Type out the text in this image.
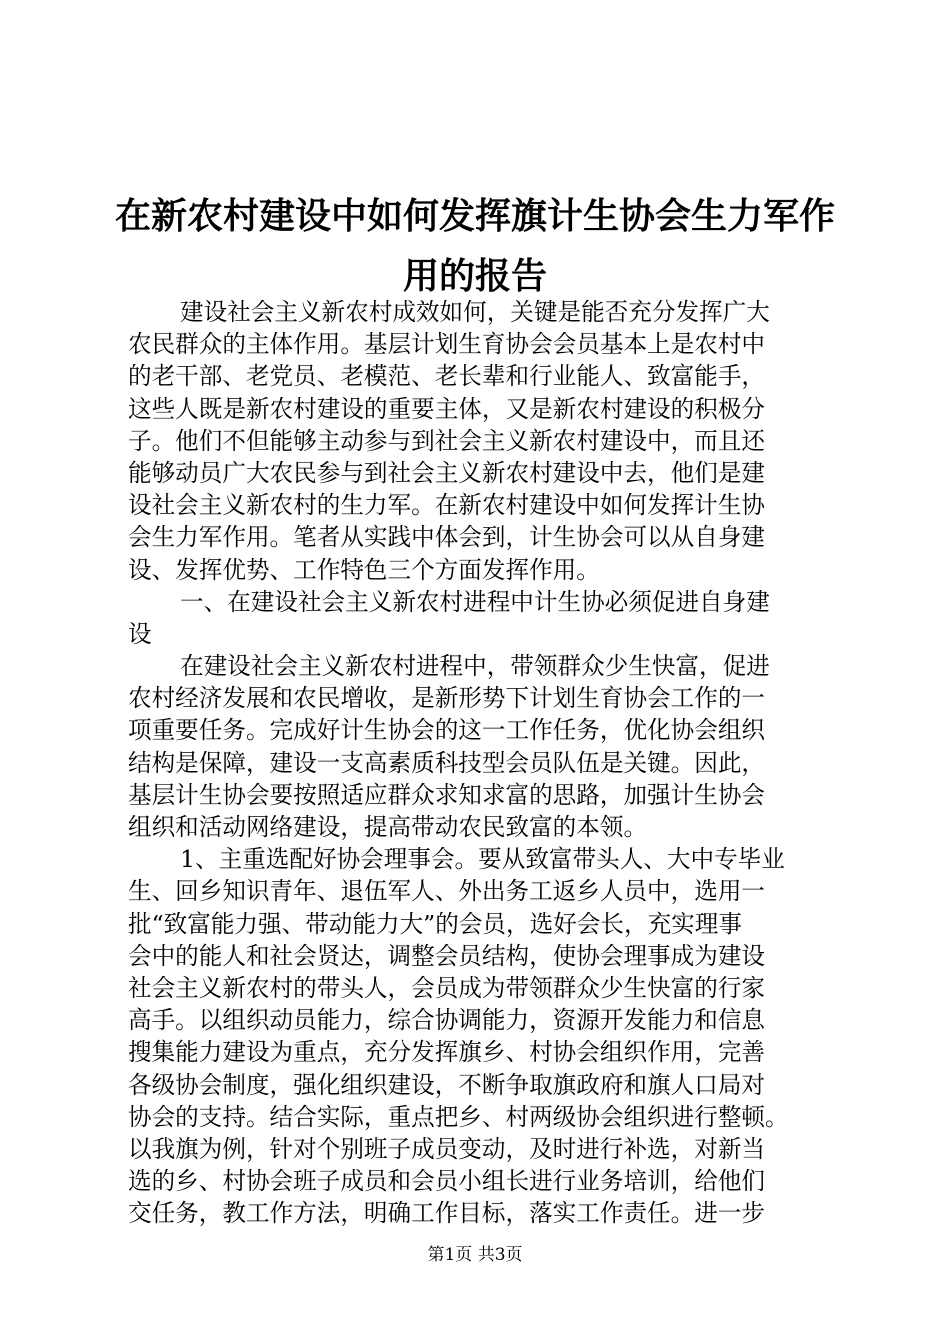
在新农村建设中如何发挥旗计生协会生力军作
用的报告
建设社会主义新农村成效如何，关键是能否充分发挥广大
农民群众的主体作用。基层计划生育协会会员基本上是农村中
的老干部、老党员、老模范、老长辈和行业能人、致富能手，
这些人既是新农村建设的重要主体，又是新农村建设的积极分
子。他们不但能够主动参与到社会主义新农村建设中，而且还
能够动员广大农民参与到社会主义新农村建设中去，他们是建
设社会主义新农村的生力军。在新农村建设中如何发挥计生协
会生力军作用。笔者从实践中体会到，计生协会可以从自身建
设、发挥优势、工作特色三个方面发挥作用。
一、在建设社会主义新农村进程中计生协必须促进自身建
设
在建设社会主义新农村进程中，带领群众少生快富，促进
农村经济发展和农民增收，是新形势下计划生育协会工作的一
项重要任务。完成好计生协会的这一工作任务，优化协会组织
结构是保障，建设一支高素质科技型会员队伍是关键。因此，
基层计生协会要按照适应群众求知求富的思路，加强计生协会
组织和活动网络建设，提高带动农民致富的本领。
1、主重选配好协会理事会。要从致富带头人、大中专毕业
生、回乡知识青年、退伍军人、外出务工返乡人员中，选用一
批“致富能力强、带动能力大”的会员，选好会长，充实理事
会中的能人和社会贤达，调整会员结构，使协会理事成为建设
社会主义新农村的带头人，会员成为带领群众少生快富的行家
高手。以组织动员能力，综合协调能力，资源开发能力和信息
搜集能力建设为重点，充分发挥旗乡、村协会组织作用，完善
各级协会制度，强化组织建设，不断争取旗政府和旗人口局对
协会的支持。结合实际，重点把乡、村两级协会组织进行整顿。
以我旗为例，针对个别班子成员变动，及时进行补选，对新当
选的乡、村协会班子成员和会员小组长进行业务培训，给他们
交任务，教工作方法，明确工作目标，落实工作责任。进一步
第1页 共3页
